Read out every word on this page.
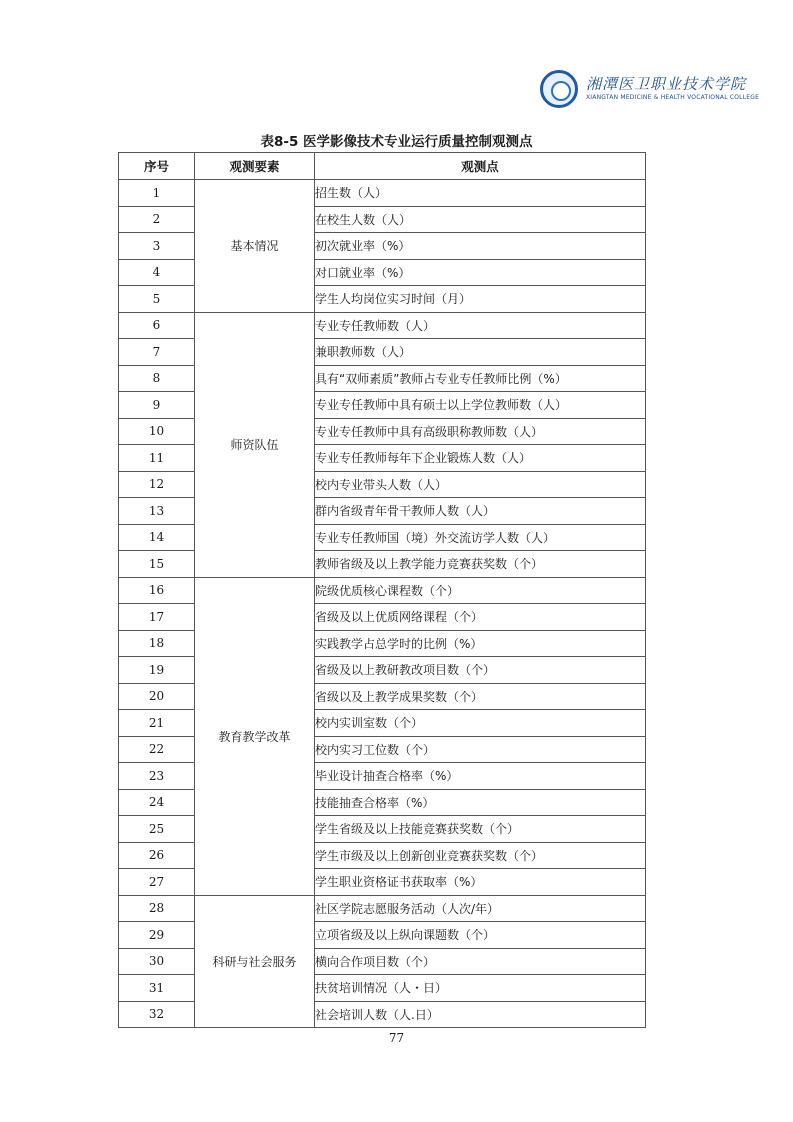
湘潭医卫职业技术学院
XIANGTAN MEDICINE & HEALTH VOCATIONAL COLLEGE
表8-5 医学影像技术专业运行质量控制观测点
序号	观测要素	观测点
1	基本情况	招生数（人）
2		在校生人数（人）
3		初次就业率（%）
4		对口就业率（%）
5		学生人均岗位实习时间（月）
6	师资队伍	专业专任教师数（人）
7		兼职教师数（人）
8		具有“双师素质”教师占专业专任教师比例（%）
9		专业专任教师中具有硕士以上学位教师数（人）
10		专业专任教师中具有高级职称教师数（人）
11		专业专任教师每年下企业锻炼人数（人）
12		校内专业带头人数（人）
13		群内省级青年骨干教师人数（人）
14		专业专任教师国（境）外交流访学人数（人）
15		教师省级及以上教学能力竞赛获奖数（个）
16	教育教学改革	院级优质核心课程数（个）
17		省级及以上优质网络课程（个）
18		实践教学占总学时的比例（%）
19		省级及以上教研教改项目数（个）
20		省级以及上教学成果奖数（个）
21		校内实训室数（个）
22		校内实习工位数（个）
23		毕业设计抽查合格率（%）
24		技能抽查合格率（%）
25		学生省级及以上技能竞赛获奖数（个）
26		学生市级及以上创新创业竞赛获奖数（个）
27		学生职业资格证书获取率（%）
28	科研与社会服务	社区学院志愿服务活动（人次/年）
29		立项省级及以上纵向课题数（个）
30		横向合作项目数（个）
31		扶贫培训情况（人・日）
32		社会培训人数（人.日）
77
